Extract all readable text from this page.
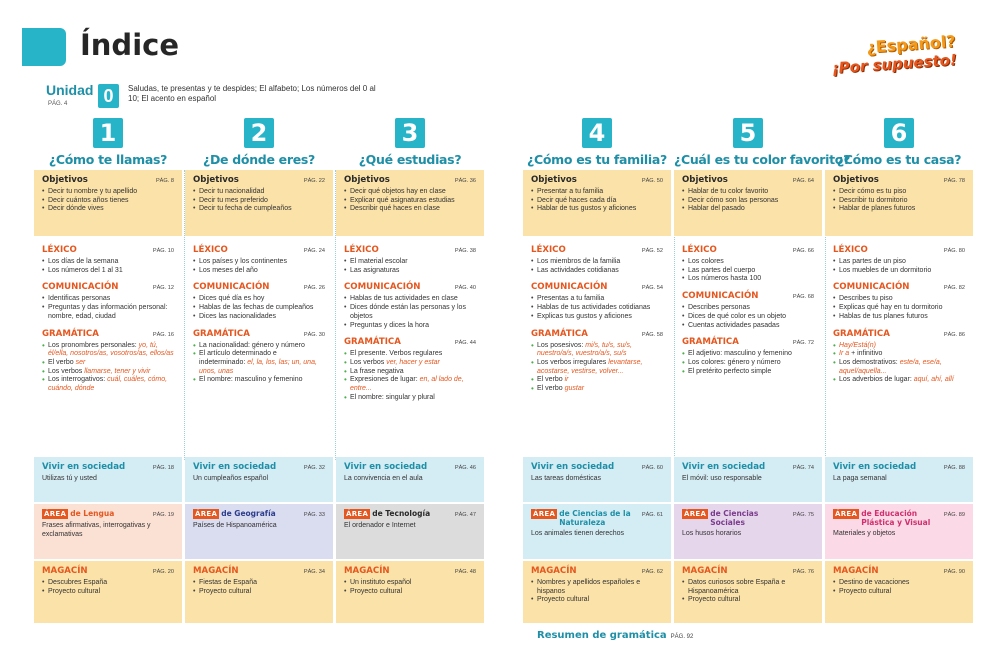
Índice	¿Español?
¡Por supuesto!
Unidad
PÁG. 4	0	Saludas, te presentas y te despides; El alfabeto; Los números del 0 al 10; El acento en español
1
¿Cómo te llamas?
Objetivos	PÁG. 8
• Decir tu nombre y tu apellido
• Decir cuántos años tienes
• Decir dónde vives
LÉXICO	PÁG. 10
• Los días de la semana
• Los números del 1 al 31
COMUNICACIÓN	PÁG. 12
• Identificas personas
• Preguntas y das información personal: nombre, edad, ciudad
GRAMÁTICA	PÁG. 16
• Los pronombres personales: yo, tú, él/ella, nosotros/as, vosotros/as, ellos/as
• El verbo ser
• Los verbos llamarse, tener y vivir
• Los interrogativos: cuál, cuáles, cómo, cuándo, dónde
Vivir en sociedad	PÁG. 18
Utilizas tú y usted
ÁREA de Lengua	PÁG. 19
Frases afirmativas, interrogativas y exclamativas
MAGACÍN	PÁG. 20
• Descubres España
• Proyecto cultural
2
¿De dónde eres?
Objetivos	PÁG. 22
• Decir tu nacionalidad
• Decir tu mes preferido
• Decir tu fecha de cumpleaños
LÉXICO	PÁG. 24
• Los países y los continentes
• Los meses del año
COMUNICACIÓN	PÁG. 26
• Dices qué día es hoy
• Hablas de las fechas de cumpleaños
• Dices las nacionalidades
GRAMÁTICA	PÁG. 30
• La nacionalidad: género y número
• El artículo determinado e indeterminado: el, la, los, las; un, una, unos, unas
• El nombre: masculino y femenino
Vivir en sociedad	PÁG. 32
Un cumpleaños español
ÁREA de Geografía	PÁG. 33
Países de Hispanoamérica
MAGACÍN	PÁG. 34
• Fiestas de España
• Proyecto cultural
3
¿Qué estudias?
Objetivos	PÁG. 36
• Decir qué objetos hay en clase
• Explicar qué asignaturas estudias
• Describir qué haces en clase
LÉXICO	PÁG. 38
• El material escolar
• Las asignaturas
COMUNICACIÓN	PÁG. 40
• Hablas de tus actividades en clase
• Dices dónde están las personas y los objetos
• Preguntas y dices la hora
GRAMÁTICA	PÁG. 44
• El presente. Verbos regulares
• Los verbos ver, hacer y estar
• La frase negativa
• Expresiones de lugar: en, al lado de, entre...
• El nombre: singular y plural
Vivir en sociedad	PÁG. 46
La convivencia en el aula
ÁREA de Tecnología	PÁG. 47
El ordenador e Internet
MAGACÍN	PÁG. 48
• Un instituto español
• Proyecto cultural
4
¿Cómo es tu familia?
Objetivos	PÁG. 50
• Presentar a tu familia
• Decir qué haces cada día
• Hablar de tus gustos y aficiones
LÉXICO	PÁG. 52
• Los miembros de la familia
• Las actividades cotidianas
COMUNICACIÓN	PÁG. 54
• Presentas a tu familia
• Hablas de tus actividades cotidianas
• Explicas tus gustos y aficiones
GRAMÁTICA	PÁG. 58
• Los posesivos: mi/s, tu/s, su/s, nuestro/a/s, vuestro/a/s, su/s
• Los verbos irregulares levantarse, acostarse, vestirse, volver...
• El verbo ir
• El verbo gustar
Vivir en sociedad	PÁG. 60
Las tareas domésticas
ÁREA de Ciencias de la Naturaleza
PÁG. 61
Los animales tienen derechos
MAGACÍN	PÁG. 62
• Nombres y apellidos españoles e hispanos
• Proyecto cultural
5
¿Cuál es tu color favorito?
Objetivos	PÁG. 64
• Hablar de tu color favorito
• Decir cómo son las personas
• Hablar del pasado
LÉXICO	PÁG. 66
• Los colores
• Las partes del cuerpo
• Los números hasta 100
COMUNICACIÓN	PÁG. 68
• Describes personas
• Dices de qué color es un objeto
• Cuentas actividades pasadas
GRAMÁTICA	PÁG. 72
• El adjetivo: masculino y femenino
• Los colores: género y número
• El pretérito perfecto simple
Vivir en sociedad	PÁG. 74
El móvil: uso responsable
ÁREA de Ciencias Sociales
PÁG. 75
Los husos horarios
MAGACÍN	PÁG. 76
• Datos curiosos sobre España e Hispanoamérica
• Proyecto cultural
6
¿Cómo es tu casa?
Objetivos	PÁG. 78
• Decir cómo es tu piso
• Describir tu dormitorio
• Hablar de planes futuros
LÉXICO	PÁG. 80
• Las partes de un piso
• Los muebles de un dormitorio
COMUNICACIÓN	PÁG. 82
• Describes tu piso
• Explicas qué hay en tu dormitorio
• Hablas de tus planes futuros
GRAMÁTICA	PÁG. 86
• Hay/Está(n)
• Ir a + infinitivo
• Los demostrativos: este/a, ese/a, aquel/aquella...
• Los adverbios de lugar: aquí, ahí, allí
Vivir en sociedad	PÁG. 88
La paga semanal
ÁREA de Educación Plástica y Visual
PÁG. 89
Materiales y objetos
MAGACÍN	PÁG. 90
• Destino de vacaciones
• Proyecto cultural
Resumen de gramática PÁG. 92
